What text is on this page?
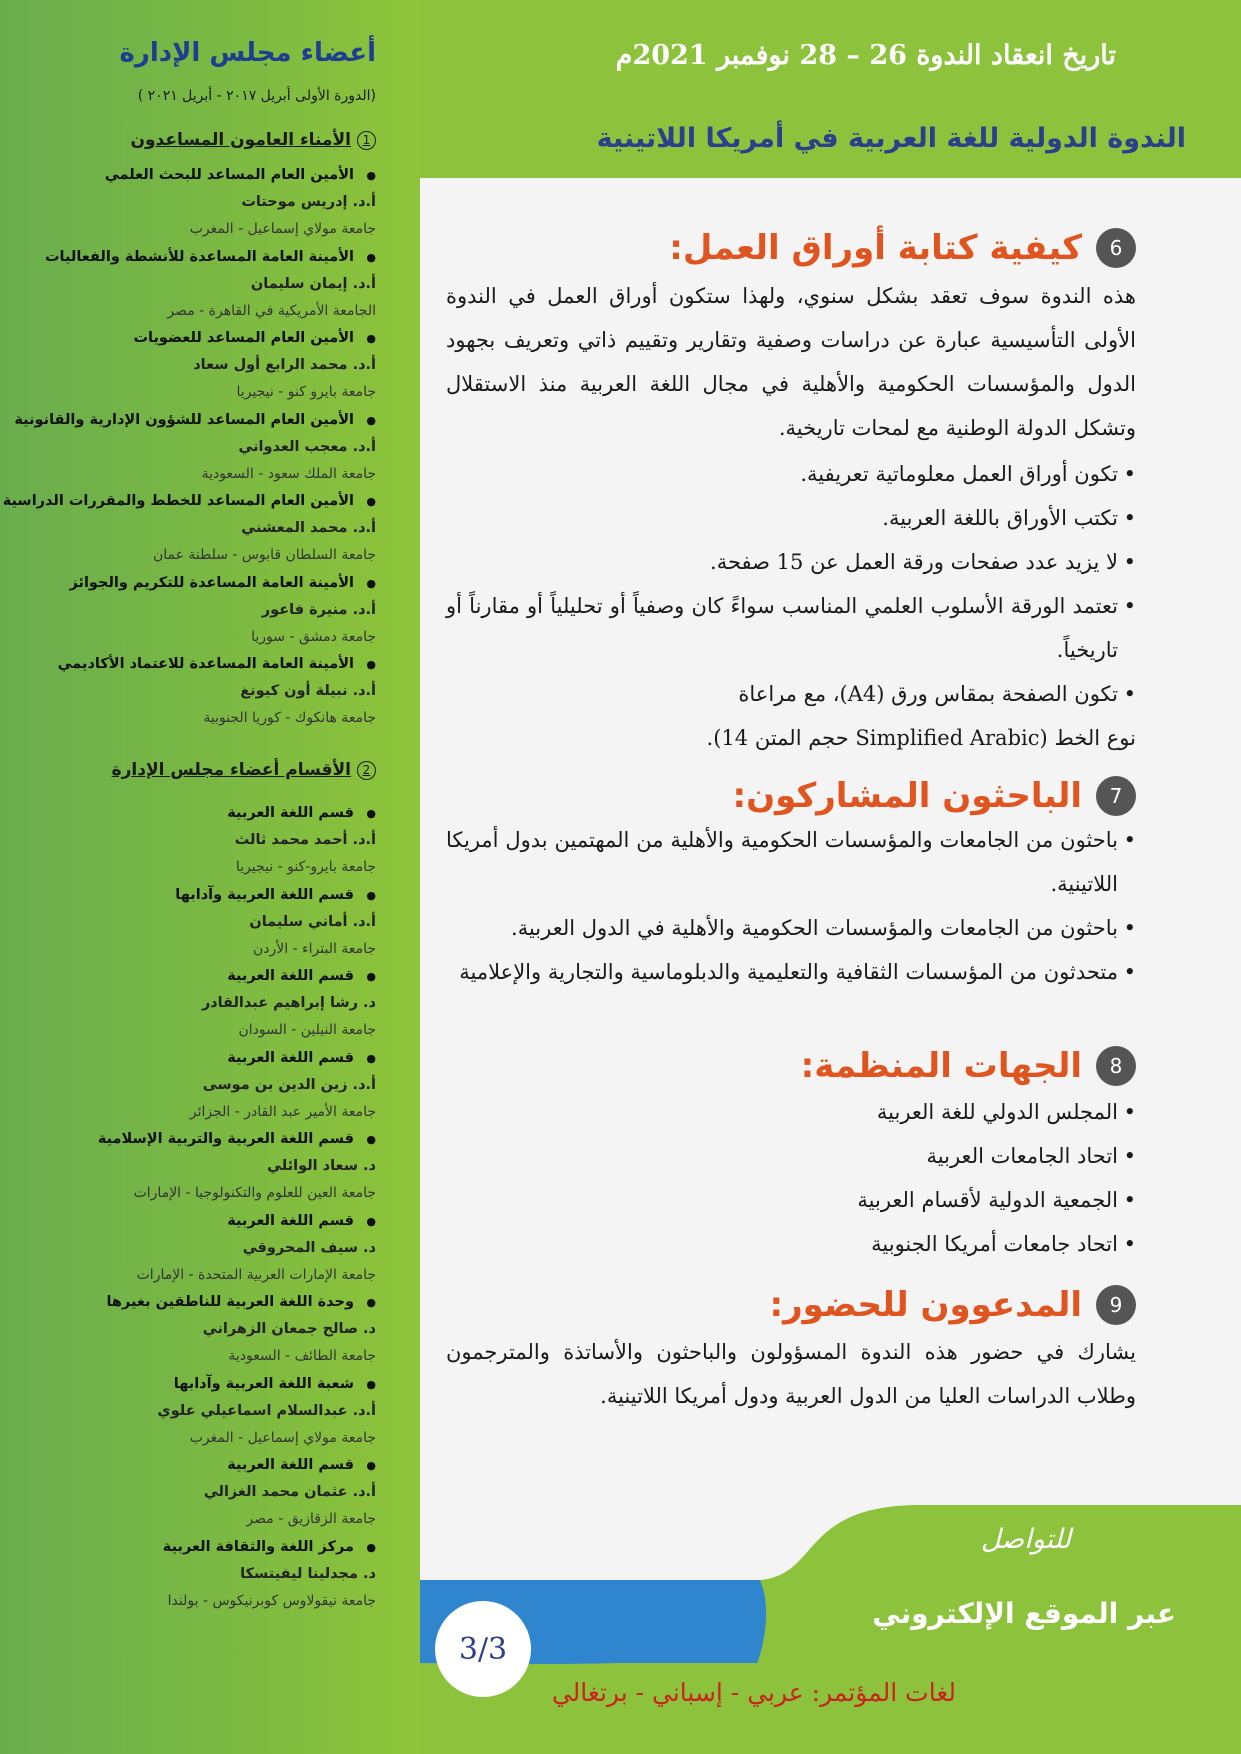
تاريخ انعقاد الندوة 26 – 28 نوفمبر 2021م
الندوة الدولية للغة العربية في أمريكا اللاتينية
أعضاء مجلس الإدارة
(الدورة الأولى أبريل ٢٠١٧ - أبريل ٢٠٢١ )
1
الأمناء العامون المساعدون
● الأمين العام المساعد للبحث العلمي
أ.د. إدريس موحتات
جامعة مولاي إسماعيل - المغرب
● الأمينة العامة المساعدة للأنشطة والفعاليات
أ.د. إيمان سليمان
الجامعة الأمريكية في القاهرة - مصر
● الأمين العام المساعد للعضويات
أ.د. محمد الرابع أول سعاد
جامعة بايرو كنو - نيجيريا
● الأمين العام المساعد للشؤون الإدارية والقانونية
أ.د. معجب العدواني
جامعة الملك سعود - السعودية
● الأمين العام المساعد للخطط والمقررات الدراسية
أ.د. محمد المعشني
جامعة السلطان قابوس - سلطنة عمان
● الأمينة العامة المساعدة للتكريم والجوائز
أ.د. منيرة فاعور
جامعة دمشق - سوريا
● الأمينة العامة المساعدة للاعتماد الأكاديمي
أ.د. نبيلة أون كيونغ
جامعة هانكوك - كوريا الجنوبية
2
الأقسام أعضاء مجلس الإدارة
● قسم اللغة العربية
أ.د. أحمد محمد ثالث
جامعة بايرو-كنو - نيجيريا
● قسم اللغة العربية وآدابها
أ.د. أماني سليمان
جامعة البتراء - الأردن
● قسم اللغة العربية
د. رشا إبراهيم عبدالقادر
جامعة النيلين - السودان
● قسم اللغة العربية
أ.د. زين الدين بن موسى
جامعة الأمير عبد القادر - الجزائر
● قسم اللغة العربية والتربية الإسلامية
د. سعاد الوائلي
جامعة العين للعلوم والتكنولوجيا - الإمارات
● قسم اللغة العربية
د. سيف المحروقي
جامعة الإمارات العربية المتحدة - الإمارات
● وحدة اللغة العربية للناطقين بغيرها
د. صالح جمعان الزهراني
جامعة الطائف - السعودية
● شعبة اللغة العربية وآدابها
أ.د. عبدالسلام اسماعيلي علوي
جامعة مولاي إسماعيل - المغرب
● قسم اللغة العربية
أ.د. عثمان محمد الغزالي
جامعة الزقازيق - مصر
● مركز اللغة والثقافة العربية
د. مجدلينا ليفيتسكا
جامعة نيقولاوس كوبرنيكوس - بولندا
6
كيفية كتابة أوراق العمل:
هذه الندوة سوف تعقد بشكل سنوي، ولهذا ستكون أوراق العمل في الندوة الأولى التأسيسية عبارة عن دراسات وصفية وتقارير وتقييم ذاتي وتعريف بجهود الدول والمؤسسات الحكومية والأهلية في مجال اللغة العربية منذ الاستقلال وتشكل الدولة الوطنية مع لمحات تاريخية.
• تكون أوراق العمل معلوماتية تعريفية.
• تكتب الأوراق باللغة العربية.
• لا يزيد عدد صفحات ورقة العمل عن 15 صفحة.
• تعتمد الورقة الأسلوب العلمي المناسب سواءً كان وصفياً أو تحليلياً أو مقارناً أو تاريخياً.
• تكون الصفحة بمقاس ورق (A4)، مع مراعاة
نوع الخط (Simplified Arabic حجم المتن 14).
7
الباحثون المشاركون:
• باحثون من الجامعات والمؤسسات الحكومية والأهلية من المهتمين بدول أمريكا اللاتينية.
• باحثون من الجامعات والمؤسسات الحكومية والأهلية في الدول العربية.
• متحدثون من المؤسسات الثقافية والتعليمية والدبلوماسية والتجارية والإعلامية
8
الجهات المنظمة:
• المجلس الدولي للغة العربية
• اتحاد الجامعات العربية
• الجمعية الدولية لأقسام العربية
• اتحاد جامعات أمريكا الجنوبية
9
المدعوون للحضور:
يشارك في حضور هذه الندوة المسؤولون والباحثون والأساتذة والمترجمون وطلاب الدراسات العليا من الدول العربية ودول أمريكا اللاتينية.
للتواصل
عبر الموقع الإلكتروني
3/3
لغات المؤتمر: عربي - إسباني - برتغالي
